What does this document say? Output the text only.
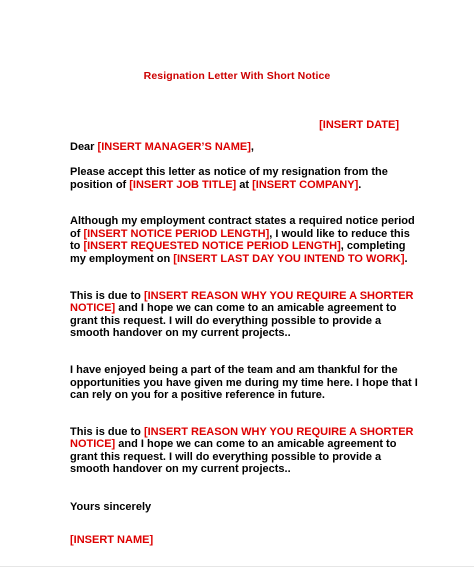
Resignation Letter With Short Notice
[INSERT DATE]

Dear [INSERT MANAGER’S NAME],

Please accept this letter as notice of my resignation from the

position of [INSERT JOB TITLE] at [INSERT COMPANY].

Although my employment contract states a required notice period

of [INSERT NOTICE PERIOD LENGTH], I would like to reduce this

to [INSERT REQUESTED NOTICE PERIOD LENGTH], completing

my employment on [INSERT LAST DAY YOU INTEND TO WORK].

This is due to [INSERT REASON WHY YOU REQUIRE A SHORTER

NOTICE] and I hope we can come to an amicable agreement to

grant this request. I will do everything possible to provide a

smooth handover on my current projects..

I have enjoyed being a part of the team and am thankful for the

opportunities you have given me during my time here. I hope that I

can rely on you for a positive reference in future.

This is due to [INSERT REASON WHY YOU REQUIRE A SHORTER

NOTICE] and I hope we can come to an amicable agreement to

grant this request. I will do everything possible to provide a

smooth handover on my current projects..

Yours sincerely

[INSERT NAME]
